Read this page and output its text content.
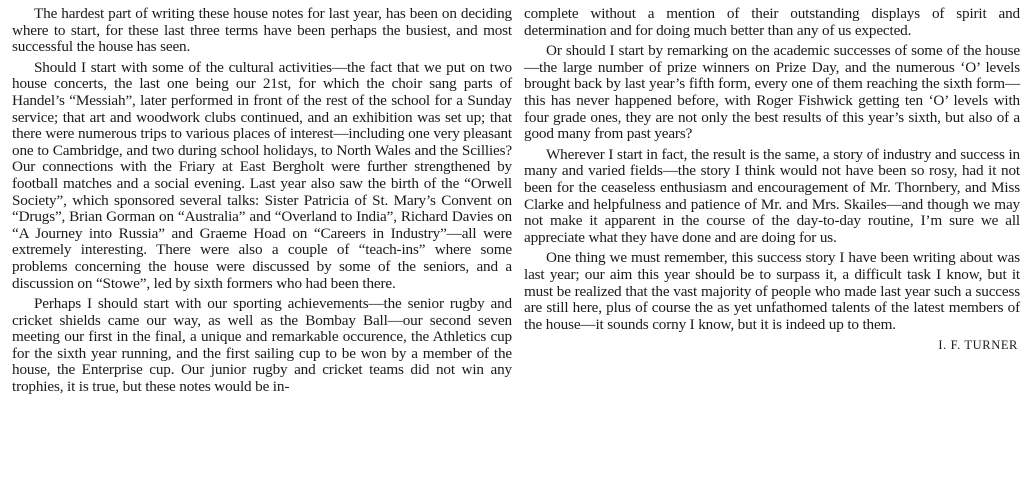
The hardest part of writing these house notes for last year, has been on deciding where to start, for these last three terms have been perhaps the busiest, and most successful the house has seen.

Should I start with some of the cultural activities—the fact that we put on two house concerts, the last one being our 21st, for which the choir sang parts of Handel’s “Messiah”, later performed in front of the rest of the school for a Sunday service; that art and woodwork clubs continued, and an exhibition was set up; that there were numerous trips to various places of interest—including one very pleasant one to Cambridge, and two during school holidays, to North Wales and the Scillies? Our connections with the Friary at East Bergholt were further strengthened by football matches and a social evening. Last year also saw the birth of the “Orwell Society”, which sponsored several talks: Sister Patricia of St. Mary’s Convent on “Drugs”, Brian Gorman on “Australia” and “Overland to India”, Richard Davies on “A Journey into Russia” and Graeme Hoad on “Careers in Industry”—all were extremely interesting. There were also a couple of “teach-ins” where some problems concerning the house were discussed by some of the seniors, and a discussion on “Stowe”, led by sixth formers who had been there.

Perhaps I should start with our sporting achievements—the senior rugby and cricket shields came our way, as well as the Bombay Ball—our second seven meeting our first in the final, a unique and remarkable occurence, the Athletics cup for the sixth year running, and the first sailing cup to be won by a member of the house, the Enterprise cup. Our junior rugby and cricket teams did not win any trophies, it is true, but these notes would be in-

complete without a mention of their outstanding displays of spirit and determination and for doing much better than any of us expected.

Or should I start by remarking on the academic successes of some of the house—the large number of prize winners on Prize Day, and the numerous ‘O’ levels brought back by last year’s fifth form, every one of them reaching the sixth form—this has never happened before, with Roger Fishwick getting ten ‘O’ levels with four grade ones, they are not only the best results of this year’s sixth, but also of a good many from past years?

Wherever I start in fact, the result is the same, a story of industry and success in many and varied fields—the story I think would not have been so rosy, had it not been for the ceaseless enthusiasm and encouragement of Mr. Thornbery, and Miss Clarke and helpfulness and patience of Mr. and Mrs. Skailes—and though we may not make it apparent in the course of the day-to-day routine, I’m sure we all appreciate what they have done and are doing for us.

One thing we must remember, this success story I have been writing about was last year; our aim this year should be to surpass it, a difficult task I know, but it must be realized that the vast majority of people who made last year such a success are still here, plus of course the as yet unfathomed talents of the latest members of the house—it sounds corny I know, but it is indeed up to them.

I. F. TURNER
